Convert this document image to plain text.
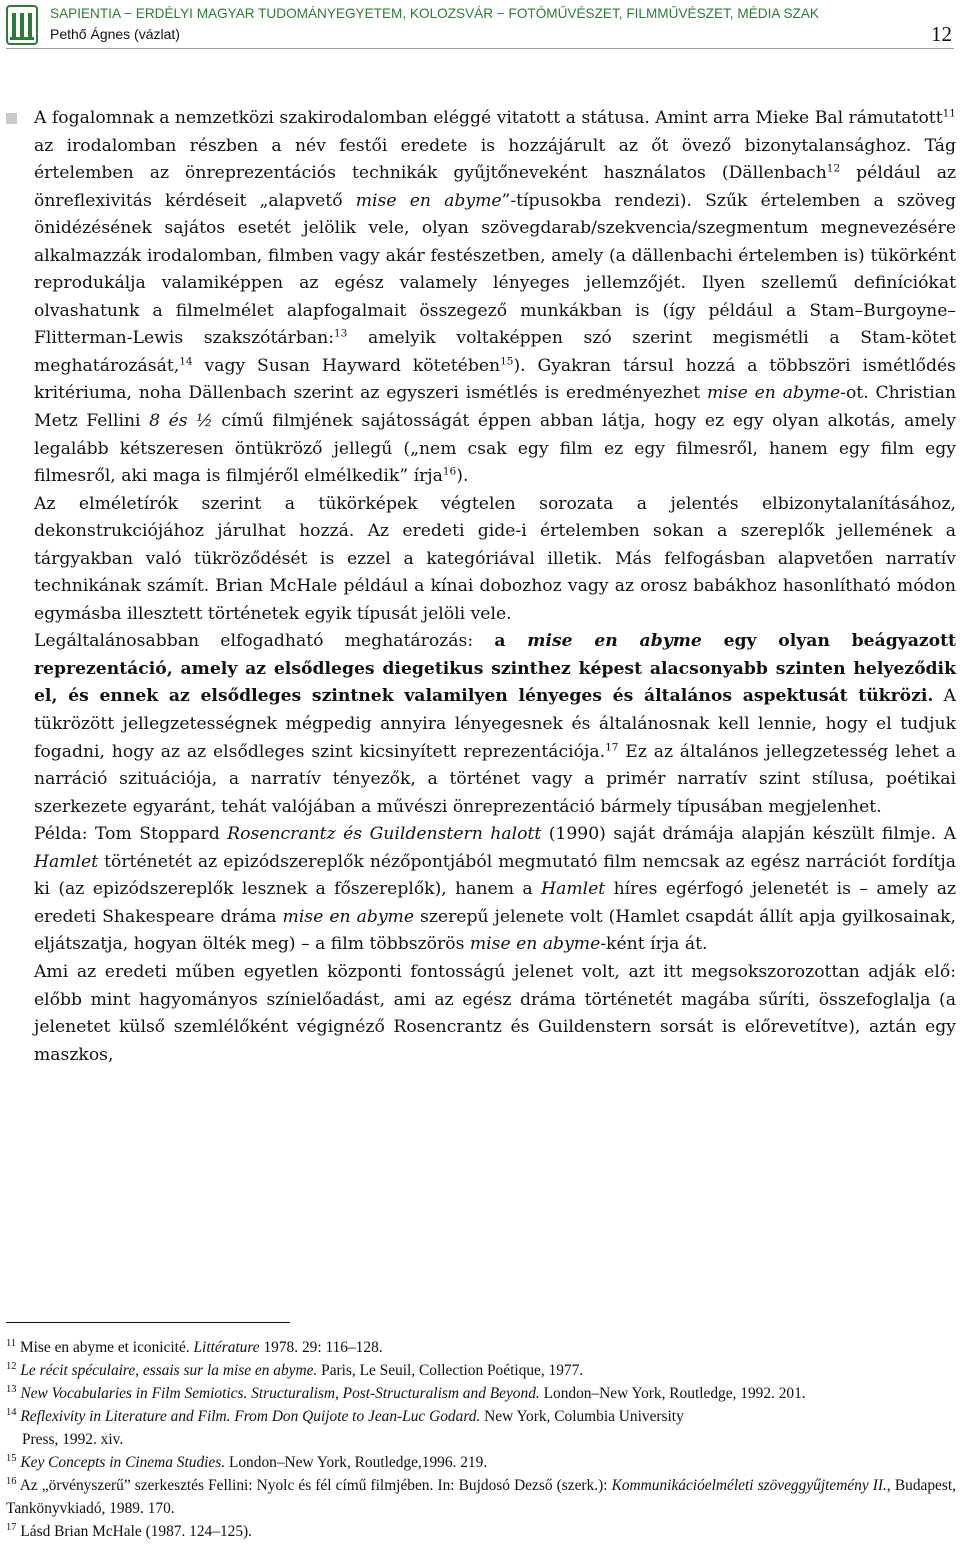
SAPIENTIA − ERDÉLYI MAGYAR TUDOMÁNYEGYETEM, KOLOZSVÁR − FOTÓMŰVÉSZET, FILMMŰVÉSZET, MÉDIA SZAK
Pethő Ágnes (vázlat)	12

A fogalomnak a nemzetközi szakirodalomban eléggé vitatott a státusa. Amint arra Mieke Bal rámutatott$^{11}$ az irodalomban részben a név festői eredete is hozzájárult az őt övező bizonytalansághoz. Tág értelemben az önreprezentációs technikák gyűjtőneveként használatos (Dällenbach$^{12}$ például az önreflexivitás kérdéseit „alapvető mise en abyme”-típusokba rendezi). Szűk értelemben a szöveg önidézésének sajátos esetét jelölik vele, olyan szövegdarab/szekvencia/szegmentum megnevezésére alkalmazzák irodalomban, filmben vagy akár festészetben, amely (a dällenbachi értelemben is) tükörként reprodukálja valamiképpen az egész valamely lényeges jellemzőjét. Ilyen szellemű definíciókat olvashatunk a filmelmélet alapfogalmait összegező munkákban is (így például a Stam–Burgoyne–Flitterman-Lewis szakszótárban:$^{13}$ amelyik voltaképpen szó szerint megismétli a Stam-kötet meghatározását,$^{14}$ vagy Susan Hayward kötetében$^{15}$). Gyakran társul hozzá a többszöri ismétlődés kritériuma, noha Dällenbach szerint az egyszeri ismétlés is eredményezhet mise en abyme-ot. Christian Metz Fellini 8 és ½ című filmjének sajátosságát éppen abban látja, hogy ez egy olyan alkotás, amely legalább kétszeresen öntükröző jellegű („nem csak egy film ez egy filmesről, hanem egy film egy filmesről, aki maga is filmjéről elmélkedik” írja$^{16}$).

Az elméletírók szerint a tükörképek végtelen sorozata a jelentés elbizonytalanításához, dekonstrukciójához járulhat hozzá. Az eredeti gide-i értelemben sokan a szereplők jellemének a tárgyakban való tükröződését is ezzel a kategóriával illetik. Más felfogásban alapvetően narratív technikának számít. Brian McHale például a kínai dobozhoz vagy az orosz babákhoz hasonlítható módon egymásba illesztett történetek egyik típusát jelöli vele.

Legáltalánosabban elfogadható meghatározás: a mise en abyme egy olyan beágyazott reprezentáció, amely az elsődleges diegetikus szinthez képest alacsonyabb szinten helyeződik el, és ennek az elsődleges szintnek valamilyen lényeges és általános aspektusát tükrözi. A tükrözött jellegzetességnek mégpedig annyira lényegesnek és általánosnak kell lennie, hogy el tudjuk fogadni, hogy az az elsődleges szint kicsinyített reprezentációja.$^{17}$ Ez az általános jellegzetesség lehet a narráció szituációja, a narratív tényezők, a történet vagy a primér narratív szint stílusa, poétikai szerkezete egyaránt, tehát valójában a művészi önreprezentáció bármely típusában megjelenhet.

Példa: Tom Stoppard Rosencrantz és Guildenstern halott (1990) saját drámája alapján készült filmje. A Hamlet történetét az epizódszereplők nézőpontjából megmutató film nemcsak az egész narrációt fordítja ki (az epizódszereplők lesznek a főszereplők), hanem a Hamlet híres egérfogó jelenetét is – amely az eredeti Shakespeare dráma mise en abyme szerepű jelenete volt (Hamlet csapdát állít apja gyilkosainak, eljátszatja, hogyan ölték meg) – a film többszörös mise en abyme-ként írja át.

Ami az eredeti műben egyetlen központi fontosságú jelenet volt, azt itt megsokszorozottan adják elő: előbb mint hagyományos színielőadást, ami az egész dráma történetét magába sűríti, összefoglalja (a jelenetet külső szemlélőként végignéző Rosencrantz és Guildenstern sorsát is előrevetítve), aztán egy maszkos,

$^{11}$ Mise en abyme et iconicité. Littérature 1978. 29: 116–128.

$^{12}$ Le récit spéculaire, essais sur la mise en abyme. Paris, Le Seuil, Collection Poétique, 1977.

$^{13}$ New Vocabularies in Film Semiotics. Structuralism, Post-Structuralism and Beyond. London–New York, Routledge, 1992. 201.

$^{14}$ Reflexivity in Literature and Film. From Don Quijote to Jean-Luc Godard. New York, Columbia University

Press, 1992. xiv.

$^{15}$ Key Concepts in Cinema Studies. London–New York, Routledge,1996. 219.

$^{16}$ Az „örvényszerű” szerkesztés Fellini: Nyolc és fél című filmjében. In: Bujdosó Dezső (szerk.): Kommunikációelméleti szöveggyűjtemény II., Budapest, Tankönyvkiadó, 1989. 170.

$^{17}$ Lásd Brian McHale (1987. 124–125).
